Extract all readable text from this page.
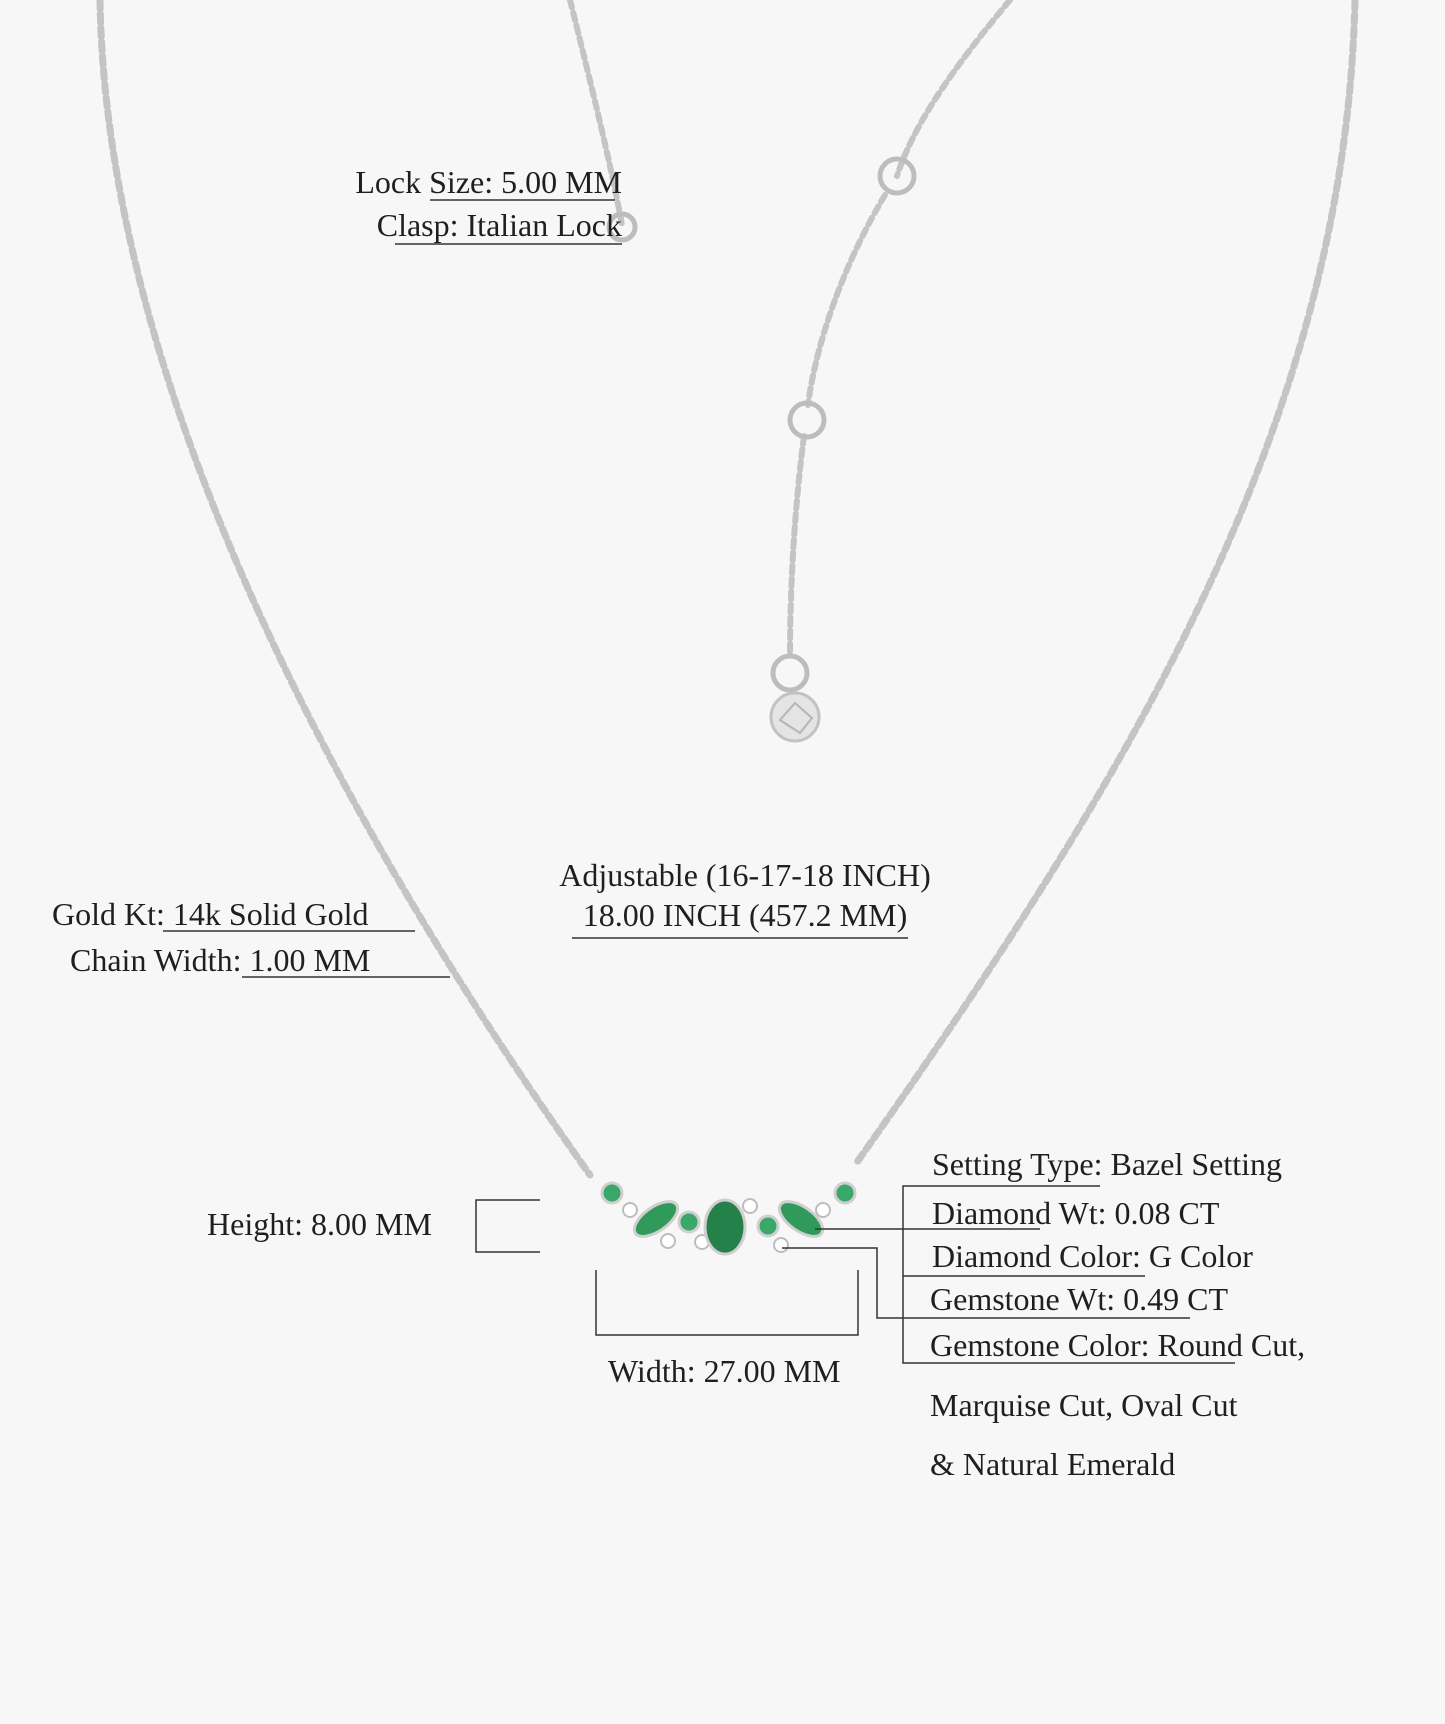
Lock Size: 5.00 MM
Clasp: Italian Lock
Adjustable (16-17-18 INCH)
18.00 INCH (457.2 MM)
Gold Kt: 14k Solid Gold
Chain Width: 1.00 MM
Height: 8.00 MM
Width: 27.00 MM
Setting Type: Bazel Setting
Diamond Wt: 0.08 CT
Diamond Color: G Color
Gemstone Wt: 0.49 CT
Gemstone Color: Round Cut,
Marquise Cut, Oval Cut
& Natural Emerald
